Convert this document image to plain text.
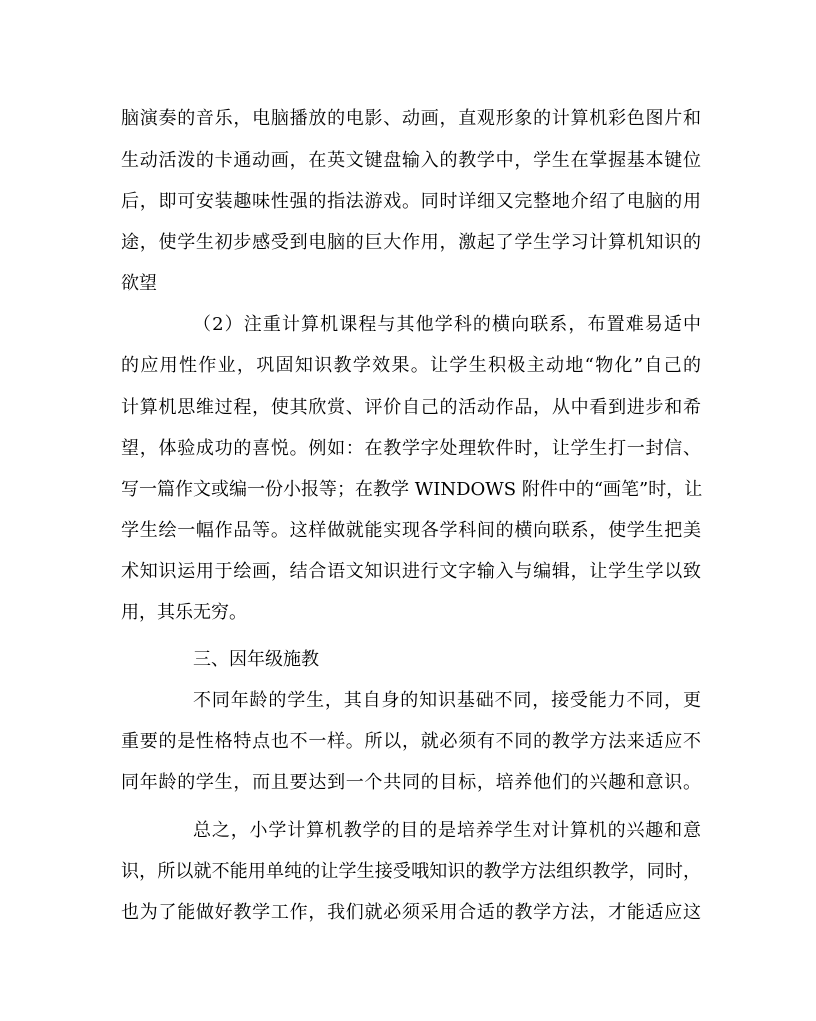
脑演奏的音乐，电脑播放的电影、动画，直观形象的计算机彩色图片和
生动活泼的卡通动画，在英文键盘输入的教学中，学生在掌握基本键位
后，即可安装趣味性强的指法游戏。同时详细又完整地介绍了电脑的用
途，使学生初步感受到电脑的巨大作用，激起了学生学习计算机知识的
欲望
（2）注重计算机课程与其他学科的横向联系，布置难易适中
的应用性作业，巩固知识教学效果。让学生积极主动地“物化”自己的
计算机思维过程，使其欣赏、评价自己的活动作品，从中看到进步和希
望，体验成功的喜悦。例如：在教学字处理软件时，让学生打一封信、
写一篇作文或编一份小报等；在教学 WINDOWS 附件中的“画笔”时，让
学生绘一幅作品等。这样做就能实现各学科间的横向联系，使学生把美
术知识运用于绘画，结合语文知识进行文字输入与编辑，让学生学以致
用，其乐无穷。
三、因年级施教
不同年龄的学生，其自身的知识基础不同，接受能力不同，更
重要的是性格特点也不一样。所以，就必须有不同的教学方法来适应不
同年龄的学生，而且要达到一个共同的目标，培养他们的兴趣和意识。
总之，小学计算机教学的目的是培养学生对计算机的兴趣和意
识，所以就不能用单纯的让学生接受哦知识的教学方法组织教学，同时，
也为了能做好教学工作，我们就必须采用合适的教学方法，才能适应这
